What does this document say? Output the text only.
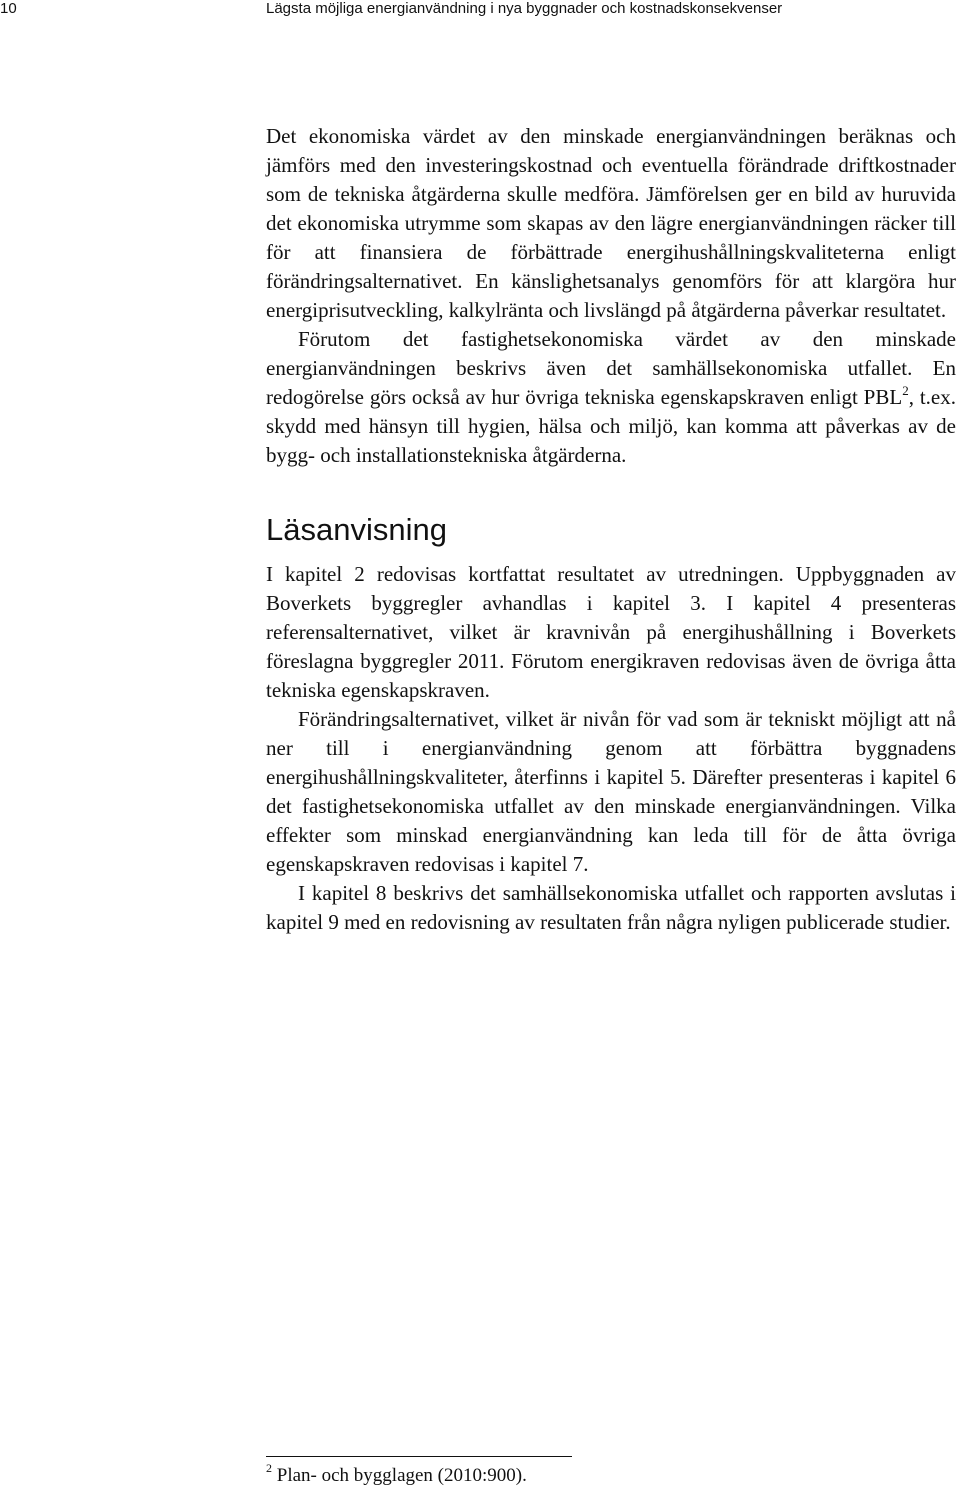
10	Lägsta möjliga energianvändning i nya byggnader och kostnadskonsekvenser

Det ekonomiska värdet av den minskade energianvändningen beräknas och jämförs med den investeringskostnad och eventuella förändrade driftkostnader som de tekniska åtgärderna skulle medföra. Jämförelsen ger en bild av huruvida det ekonomiska utrymme som skapas av den lägre energianvändningen räcker till för att finansiera de förbättrade energihushållningskvaliteterna enligt förändringsalternativet. En känslighetsanalys genomförs för att klargöra hur energiprisutveckling, kalkylränta och livslängd på åtgärderna påverkar resultatet.

Förutom det fastighetsekonomiska värdet av den minskade energianvändningen beskrivs även det samhällsekonomiska utfallet. En redogörelse görs också av hur övriga tekniska egenskapskraven enligt PBL$^2$, t.ex. skydd med hänsyn till hygien, hälsa och miljö, kan komma att påverkas av de bygg- och installationstekniska åtgärderna.

Läsanvisning

I kapitel 2 redovisas kortfattat resultatet av utredningen. Uppbyggnaden av Boverkets byggregler avhandlas i kapitel 3. I kapitel 4 presenteras referensalternativet, vilket är kravnivån på energihushållning i Boverkets föreslagna byggregler 2011. Förutom energikraven redovisas även de övriga åtta tekniska egenskapskraven.

Förändringsalternativet, vilket är nivån för vad som är tekniskt möjligt att nå ner till i energianvändning genom att förbättra byggnadens energihushållningskvaliteter, återfinns i kapitel 5. Därefter presenteras i kapitel 6 det fastighetsekonomiska utfallet av den minskade energianvändningen. Vilka effekter som minskad energianvändning kan leda till för de åtta övriga egenskapskraven redovisas i kapitel 7.

I kapitel 8 beskrivs det samhällsekonomiska utfallet och rapporten avslutas i kapitel 9 med en redovisning av resultaten från några nyligen publicerade studier.

$^2$ Plan- och bygglagen (2010:900).
